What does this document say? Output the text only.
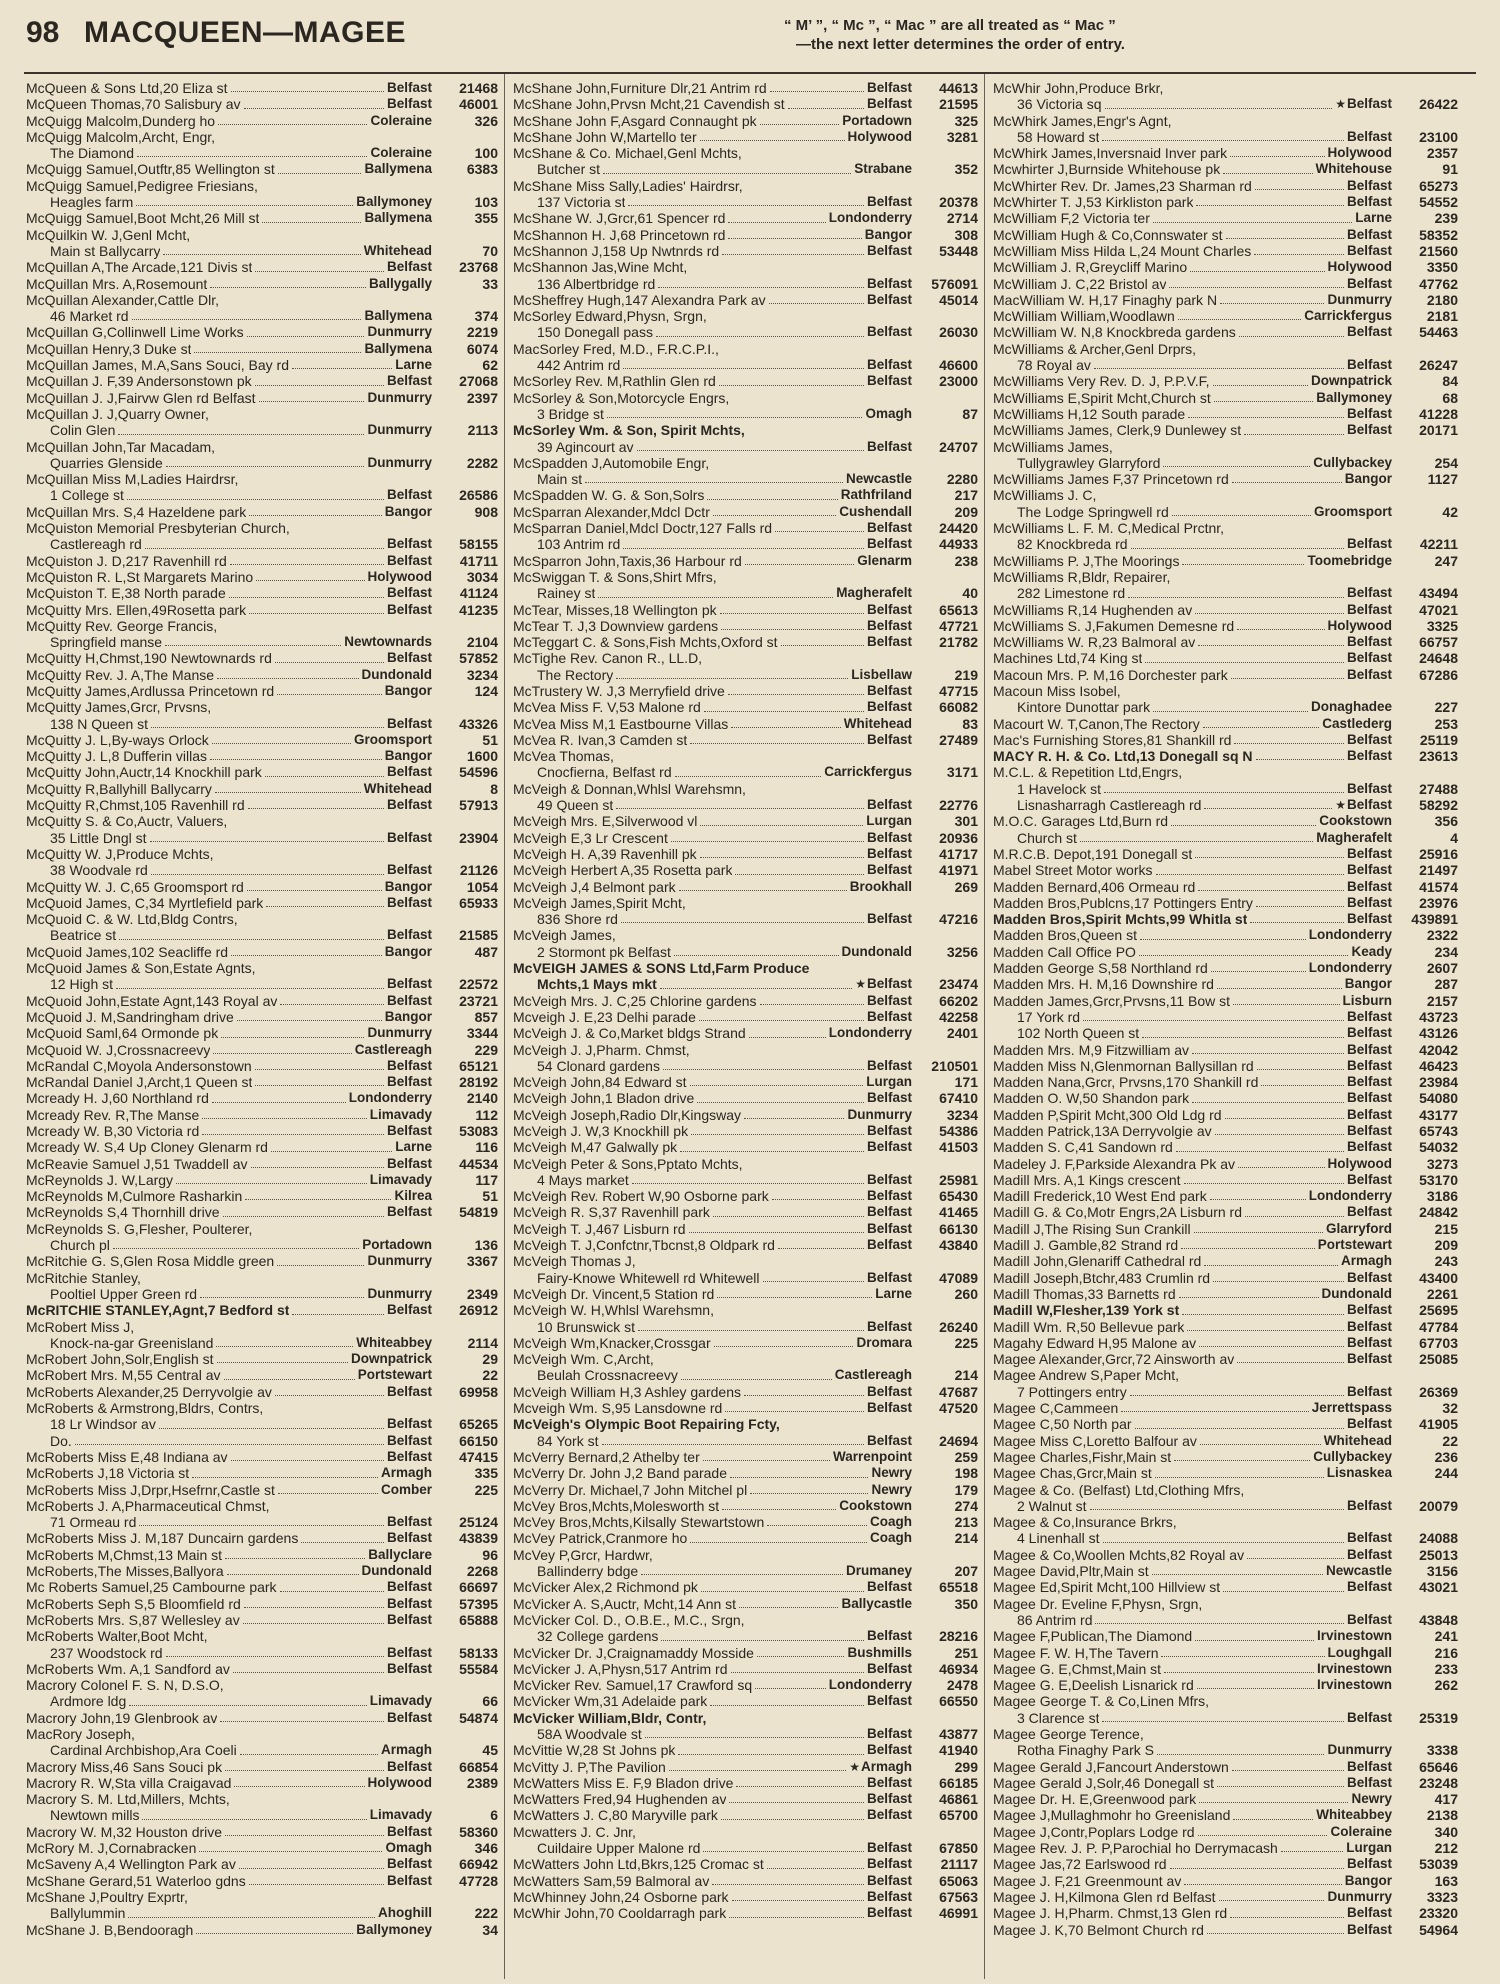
98 MACQUEEN—MAGEE	“ M’ ”, “ Mc ”, “ Mac ” are all treated as “ Mac ”
—the next letter determines the order of entry.
McQueen & Sons Ltd,20 Eliza st	Belfast	21468
McQueen Thomas,70 Salisbury av	Belfast	46001
McQuigg Malcolm,Dunderg ho	Coleraine	326
McQuigg Malcolm,Archt, Engr,
The Diamond	Coleraine	100
McQuigg Samuel,Outftr,85 Wellington st	Ballymena	6383
McQuigg Samuel,Pedigree Friesians,
Heagles farm	Ballymoney	103
McQuigg Samuel,Boot Mcht,26 Mill st	Ballymena	355
McQuilkin W. J,Genl Mcht,
Main st Ballycarry	Whitehead	70
McQuillan A,The Arcade,121 Divis st	Belfast	23768
McQuillan Mrs. A,Rosemount	Ballygally	33
McQuillan Alexander,Cattle Dlr,
46 Market rd	Ballymena	374
McQuillan G,Collinwell Lime Works	Dunmurry	2219
McQuillan Henry,3 Duke st	Ballymena	6074
McQuillan James, M.A,Sans Souci, Bay rd	Larne	62
McQuillan J. F,39 Andersonstown pk	Belfast	27068
McQuillan J. J,Fairvw Glen rd Belfast	Dunmurry	2397
McQuillan J. J,Quarry Owner,
Colin Glen	Dunmurry	2113
McQuillan John,Tar Macadam,
Quarries Glenside	Dunmurry	2282
McQuillan Miss M,Ladies Hairdrsr,
1 College st	Belfast	26586
McQuillan Mrs. S,4 Hazeldene park	Bangor	908
McQuiston Memorial Presbyterian Church,
Castlereagh rd	Belfast	58155
McQuiston J. D,217 Ravenhill rd	Belfast	41711
McQuiston R. L,St Margarets Marino	Holywood	3034
McQuiston T. E,38 North parade	Belfast	41124
McQuitty Mrs. Ellen,49Rosetta park	Belfast	41235
McQuitty Rev. George Francis,
Springfield manse	Newtownards	2104
McQuitty H,Chmst,190 Newtownards rd	Belfast	57852
McQuitty Rev. J. A,The Manse	Dundonald	3234
McQuitty James,Ardlussa Princetown rd	Bangor	124
McQuitty James,Grcr, Prvsns,
138 N Queen st	Belfast	43326
McQuitty J. L,By-ways Orlock	Groomsport	51
McQuitty J. L,8 Dufferin villas	Bangor	1600
McQuitty John,Auctr,14 Knockhill park	Belfast	54596
McQuitty R,Ballyhill Ballycarry	Whitehead	8
McQuitty R,Chmst,105 Ravenhill rd	Belfast	57913
McQuitty S. & Co,Auctr, Valuers,
35 Little Dngl st	Belfast	23904
McQuitty W. J,Produce Mchts,
38 Woodvale rd	Belfast	21126
McQuitty W. J. C,65 Groomsport rd	Bangor	1054
McQuoid James, C,34 Myrtlefield park	Belfast	65933
McQuoid C. & W. Ltd,Bldg Contrs,
Beatrice st	Belfast	21585
McQuoid James,102 Seacliffe rd	Bangor	487
McQuoid James & Son,Estate Agnts,
12 High st	Belfast	22572
McQuoid John,Estate Agnt,143 Royal av	Belfast	23721
McQuoid J. M,Sandringham drive	Bangor	857
McQuoid Saml,64 Ormonde pk	Dunmurry	3344
McQuoid W. J,Crossnacreevy	Castlereagh	229
McRandal C,Moyola Andersonstown	Belfast	65121
McRandal Daniel J,Archt,1 Queen st	Belfast	28192
Mcready H. J,60 Northland rd	Londonderry	2140
Mcready Rev. R,The Manse	Limavady	112
Mcready W. B,30 Victoria rd	Belfast	53083
Mcready W. S,4 Up Cloney Glenarm rd	Larne	116
McReavie Samuel J,51 Twaddell av	Belfast	44534
McReynolds J. W,Largy	Limavady	117
McReynolds M,Culmore Rasharkin	Kilrea	51
McReynolds S,4 Thornhill drive	Belfast	54819
McReynolds S. G,Flesher, Poulterer,
Church pl	Portadown	136
McRitchie G. S,Glen Rosa Middle green	Dunmurry	3367
McRitchie Stanley,
Pooltiel Upper Green rd	Dunmurry	2349
McRITCHIE STANLEY,Agnt,7 Bedford st	Belfast	26912
McRobert Miss J,
Knock-na-gar Greenisland	Whiteabbey	2114
McRobert John,Solr,English st	Downpatrick	29
McRobert Mrs. M,55 Central av	Portstewart	22
McRoberts Alexander,25 Derryvolgie av	Belfast	69958
McRoberts & Armstrong,Bldrs, Contrs,
18 Lr Windsor av	Belfast	65265
Do.	Belfast	66150
McRoberts Miss E,48 Indiana av	Belfast	47415
McRoberts J,18 Victoria st	Armagh	335
McRoberts Miss J,Drpr,Hsefrnr,Castle st	Comber	225
McRoberts J. A,Pharmaceutical Chmst,
71 Ormeau rd	Belfast	25124
McRoberts Miss J. M,187 Duncairn gardens	Belfast	43839
McRoberts M,Chmst,13 Main st	Ballyclare	96
McRoberts,The Misses,Ballyora	Dundonald	2268
Mc Roberts Samuel,25 Cambourne park	Belfast	66697
McRoberts Seph S,5 Bloomfield rd	Belfast	57395
McRoberts Mrs. S,87 Wellesley av	Belfast	65888
McRoberts Walter,Boot Mcht,
237 Woodstock rd	Belfast	58133
McRoberts Wm. A,1 Sandford av	Belfast	55584
Macrory Colonel F. S. N, D.S.O,
Ardmore ldg	Limavady	66
Macrory John,19 Glenbrook av	Belfast	54874
MacRory Joseph,
Cardinal Archbishop,Ara Coeli	Armagh	45
Macrory Miss,46 Sans Souci pk	Belfast	66854
Macrory R. W,Sta villa Craigavad	Holywood	2389
Macrory S. M. Ltd,Millers, Mchts,
Newtown mills	Limavady	6
Macrory W. M,32 Houston drive	Belfast	58360
McRory M. J,Cornabracken	Omagh	346
McSaveny A,4 Wellington Park av	Belfast	66942
McShane Gerard,51 Waterloo gdns	Belfast	47728
McShane J,Poultry Exprtr,
Ballylummin	Ahoghill	222
McShane J. B,Bendooragh	Ballymoney	34
McShane John,Furniture Dlr,21 Antrim rd	Belfast	44613
McShane John,Prvsn Mcht,21 Cavendish st	Belfast	21595
McShane John F,Asgard Connaught pk	Portadown	325
McShane John W,Martello ter	Holywood	3281
McShane & Co. Michael,Genl Mchts,
Butcher st	Strabane	352
McShane Miss Sally,Ladies' Hairdrsr,
137 Victoria st	Belfast	20378
McShane W. J,Grcr,61 Spencer rd	Londonderry	2714
McShannon H. J,68 Princetown rd	Bangor	308
McShannon J,158 Up Nwtnrds rd	Belfast	53448
McShannon Jas,Wine Mcht,
136 Albertbridge rd	Belfast	576091
McSheffrey Hugh,147 Alexandra Park av	Belfast	45014
McSorley Edward,Physn, Srgn,
150 Donegall pass	Belfast	26030
MacSorley Fred, M.D., F.R.C.P.I.,
442 Antrim rd	Belfast	46600
McSorley Rev. M,Rathlin Glen rd	Belfast	23000
McSorley & Son,Motorcycle Engrs,
3 Bridge st	Omagh	87
McSorley Wm. & Son, Spirit Mchts,
39 Agincourt av	Belfast	24707
McSpadden J,Automobile Engr,
Main st	Newcastle	2280
McSpadden W. G. & Son,Solrs	Rathfriland	217
McSparran Alexander,Mdcl Dctr	Cushendall	209
McSparran Daniel,Mdcl Doctr,127 Falls rd	Belfast	24420
103 Antrim rd	Belfast	44933
McSparron John,Taxis,36 Harbour rd	Glenarm	238
McSwiggan T. & Sons,Shirt Mfrs,
Rainey st	Magherafelt	40
McTear, Misses,18 Wellington pk	Belfast	65613
McTear T. J,3 Downview gardens	Belfast	47721
McTeggart C. & Sons,Fish Mchts,Oxford st	Belfast	21782
McTighe Rev. Canon R., LL.D,
The Rectory	Lisbellaw	219
McTrustery W. J,3 Merryfield drive	Belfast	47715
McVea Miss F. V,53 Malone rd	Belfast	66082
McVea Miss M,1 Eastbourne Villas	Whitehead	83
McVea R. Ivan,3 Camden st	Belfast	27489
McVea Thomas,
Cnocfierna, Belfast rd	Carrickfergus	3171
McVeigh & Donnan,Whlsl Warehsmn,
49 Queen st	Belfast	22776
McVeigh Mrs. E,Silverwood vl	Lurgan	301
McVeigh E,3 Lr Crescent	Belfast	20936
McVeigh H. A,39 Ravenhill pk	Belfast	41717
McVeigh Herbert A,35 Rosetta park	Belfast	41971
McVeigh J,4 Belmont park	Brookhall	269
McVeigh James,Spirit Mcht,
836 Shore rd	Belfast	47216
McVeigh James,
2 Stormont pk Belfast	Dundonald	3256
McVEIGH JAMES & SONS Ltd,Farm Produce
Mchts,1 Mays mkt	★ Belfast	23474
McVeigh Mrs. J. C,25 Chlorine gardens	Belfast	66202
Mcveigh J. E,23 Delhi parade	Belfast	42258
McVeigh J. & Co,Market bldgs Strand	Londonderry	2401
McVeigh J. J,Pharm. Chmst,
54 Clonard gardens	Belfast	210501
McVeigh John,84 Edward st	Lurgan	171
McVeigh John,1 Bladon drive	Belfast	67410
McVeigh Joseph,Radio Dlr,Kingsway	Dunmurry	3234
McVeigh J. W,3 Knockhill pk	Belfast	54386
McVeigh M,47 Galwally pk	Belfast	41503
McVeigh Peter & Sons,Pptato Mchts,
4 Mays market	Belfast	25981
McVeigh Rev. Robert W,90 Osborne park	Belfast	65430
McVeigh R. S,37 Ravenhill park	Belfast	41465
McVeigh T. J,467 Lisburn rd	Belfast	66130
McVeigh T. J,Confctnr,Tbcnst,8 Oldpark rd	Belfast	43840
McVeigh Thomas J,
Fairy-Knowe Whitewell rd Whitewell	Belfast	47089
McVeigh Dr. Vincent,5 Station rd	Larne	260
McVeigh W. H,Whlsl Warehsmn,
10 Brunswick st	Belfast	26240
McVeigh Wm,Knacker,Crossgar	Dromara	225
McVeigh Wm. C,Archt,
Beulah Crossnacreevy	Castlereagh	214
McVeigh William H,3 Ashley gardens	Belfast	47687
Mcveigh Wm. S,95 Lansdowne rd	Belfast	47520
McVeigh's Olympic Boot Repairing Fcty,
84 York st	Belfast	24694
McVerry Bernard,2 Athelby ter	Warrenpoint	259
McVerry Dr. John J,2 Band parade	Newry	198
McVerry Dr. Michael,7 John Mitchel pl	Newry	179
McVey Bros,Mchts,Molesworth st	Cookstown	274
McVey Bros,Mchts,Kilsally Stewartstown	Coagh	213
McVey Patrick,Cranmore ho	Coagh	214
McVey P,Grcr, Hardwr,
Ballinderry bdge	Drumaney	207
McVicker Alex,2 Richmond pk	Belfast	65518
McVicker A. S,Auctr, Mcht,14 Ann st	Ballycastle	350
McVicker Col. D., O.B.E., M.C., Srgn,
32 College gardens	Belfast	28216
McVicker Dr. J,Craignamaddy Mosside	Bushmills	251
McVicker J. A,Physn,517 Antrim rd	Belfast	46934
McVicker Rev. Samuel,17 Crawford sq	Londonderry	2478
McVicker Wm,31 Adelaide park	Belfast	66550
McVicker William,Bldr, Contr,
58A Woodvale st	Belfast	43877
McVittie W,28 St Johns pk	Belfast	41940
McVitty J. P,The Pavilion	★ Armagh	299
McWatters Miss E. F,9 Bladon drive	Belfast	66185
McWatters Fred,94 Hughenden av	Belfast	46861
McWatters J. C,80 Maryville park	Belfast	65700
Mcwatters J. C. Jnr,
Cuildaire Upper Malone rd	Belfast	67850
McWatters John Ltd,Bkrs,125 Cromac st	Belfast	21117
McWatters Sam,59 Balmoral av	Belfast	65063
McWhinney John,24 Osborne park	Belfast	67563
McWhir John,70 Cooldarragh park	Belfast	46991
McWhir John,Produce Brkr,
36 Victoria sq	★ Belfast	26422
McWhirk James,Engr's Agnt,
58 Howard st	Belfast	23100
McWhirk James,Inversnaid Inver park	Holywood	2357
Mcwhirter J,Burnside Whitehouse pk	Whitehouse	91
McWhirter Rev. Dr. James,23 Sharman rd	Belfast	65273
McWhirter T. J,53 Kirkliston park	Belfast	54552
McWilliam F,2 Victoria ter	Larne	239
McWilliam Hugh & Co,Connswater st	Belfast	58352
McWilliam Miss Hilda L,24 Mount Charles	Belfast	21560
McWilliam J. R,Greycliff Marino	Holywood	3350
McWilliam J. C,22 Bristol av	Belfast	47762
MacWilliam W. H,17 Finaghy park N	Dunmurry	2180
McWilliam William,Woodlawn	Carrickfergus	2181
McWilliam W. N,8 Knockbreda gardens	Belfast	54463
McWilliams & Archer,Genl Drprs,
78 Royal av	Belfast	26247
McWilliams Very Rev. D. J, P.P.V.F,	Downpatrick	84
McWilliams E,Spirit Mcht,Church st	Ballymoney	68
McWilliams H,12 South parade	Belfast	41228
McWilliams James, Clerk,9 Dunlewey st	Belfast	20171
McWilliams James,
Tullygrawley Glarryford	Cullybackey	254
McWilliams James F,37 Princetown rd	Bangor	1127
McWilliams J. C,
The Lodge Springwell rd	Groomsport	42
McWilliams L. F. M. C,Medical Prctnr,
82 Knockbreda rd	Belfast	42211
McWilliams P. J,The Moorings	Toomebridge	247
McWilliams R,Bldr, Repairer,
282 Limestone rd	Belfast	43494
McWilliams R,14 Hughenden av	Belfast	47021
McWilliams S. J,Fakumen Demesne rd	Holywood	3325
McWilliams W. R,23 Balmoral av	Belfast	66757
Machines Ltd,74 King st	Belfast	24648
Macoun Mrs. P. M,16 Dorchester park	Belfast	67286
Macoun Miss Isobel,
Kintore Dunottar park	Donaghadee	227
Macourt W. T,Canon,The Rectory	Castlederg	253
Mac's Furnishing Stores,81 Shankill rd	Belfast	25119
MACY R. H. & Co. Ltd,13 Donegall sq N	Belfast	23613
M.C.L. & Repetition Ltd,Engrs,
1 Havelock st	Belfast	27488
Lisnasharragh Castlereagh rd	★ Belfast	58292
M.O.C. Garages Ltd,Burn rd	Cookstown	356
Church st	Magherafelt	4
M.R.C.B. Depot,191 Donegall st	Belfast	25916
Mabel Street Motor works	Belfast	21497
Madden Bernard,406 Ormeau rd	Belfast	41574
Madden Bros,Publcns,17 Pottingers Entry	Belfast	23976
Madden Bros,Spirit Mchts,99 Whitla st	Belfast	439891
Madden Bros,Queen st	Londonderry	2322
Madden Call Office PO	Keady	234
Madden George S,58 Northland rd	Londonderry	2607
Madden Mrs. H. M,16 Downshire rd	Bangor	287
Madden James,Grcr,Prvsns,11 Bow st	Lisburn	2157
17 York rd	Belfast	43723
102 North Queen st	Belfast	43126
Madden Mrs. M,9 Fitzwilliam av	Belfast	42042
Madden Miss N,Glenmornan Ballysillan rd	Belfast	46423
Madden Nana,Grcr, Prvsns,170 Shankill rd	Belfast	23984
Madden O. W,50 Shandon park	Belfast	54080
Madden P,Spirit Mcht,300 Old Ldg rd	Belfast	43177
Madden Patrick,13A Derryvolgie av	Belfast	65743
Madden S. C,41 Sandown rd	Belfast	54032
Madeley J. F,Parkside Alexandra Pk av	Holywood	3273
Madill Mrs. A,1 Kings crescent	Belfast	53170
Madill Frederick,10 West End park	Londonderry	3186
Madill G. & Co,Motr Engrs,2A Lisburn rd	Belfast	24842
Madill J,The Rising Sun Crankill	Glarryford	215
Madill J. Gamble,82 Strand rd	Portstewart	209
Madill John,Glenariff Cathedral rd	Armagh	243
Madill Joseph,Btchr,483 Crumlin rd	Belfast	43400
Madill Thomas,33 Barnetts rd	Dundonald	2261
Madill W,Flesher,139 York st	Belfast	25695
Madill Wm. R,50 Bellevue park	Belfast	47784
Magahy Edward H,95 Malone av	Belfast	67703
Magee Alexander,Grcr,72 Ainsworth av	Belfast	25085
Magee Andrew S,Paper Mcht,
7 Pottingers entry	Belfast	26369
Magee C,Cammeen	Jerrettspass	32
Magee C,50 North par	Belfast	41905
Magee Miss C,Loretto Balfour av	Whitehead	22
Magee Charles,Fishr,Main st	Cullybackey	236
Magee Chas,Grcr,Main st	Lisnaskea	244
Magee & Co. (Belfast) Ltd,Clothing Mfrs,
2 Walnut st	Belfast	20079
Magee & Co,Insurance Brkrs,
4 Linenhall st	Belfast	24088
Magee & Co,Woollen Mchts,82 Royal av	Belfast	25013
Magee David,Pltr,Main st	Newcastle	3156
Magee Ed,Spirit Mcht,100 Hillview st	Belfast	43021
Magee Dr. Eveline F,Physn, Srgn,
86 Antrim rd	Belfast	43848
Magee F,Publican,The Diamond	Irvinestown	241
Magee F. W. H,The Tavern	Loughgall	216
Magee G. E,Chmst,Main st	Irvinestown	233
Magee G. E,Deelish Lisnarick rd	Irvinestown	262
Magee George T. & Co,Linen Mfrs,
3 Clarence st	Belfast	25319
Magee George Terence,
Rotha Finaghy Park S	Dunmurry	3338
Magee Gerald J,Fancourt Anderstown	Belfast	65646
Magee Gerald J,Solr,46 Donegall st	Belfast	23248
Magee Dr. H. E,Greenwood park	Newry	417
Magee J,Mullaghmohr ho Greenisland	Whiteabbey	2138
Magee J,Contr,Poplars Lodge rd	Coleraine	340
Magee Rev. J. P. P,Parochial ho Derrymacash	Lurgan	212
Magee Jas,72 Earlswood rd	Belfast	53039
Magee J. F,21 Greenmount av	Bangor	163
Magee J. H,Kilmona Glen rd Belfast	Dunmurry	3323
Magee J. H,Pharm. Chmst,13 Glen rd	Belfast	23320
Magee J. K,70 Belmont Church rd	Belfast	54964
